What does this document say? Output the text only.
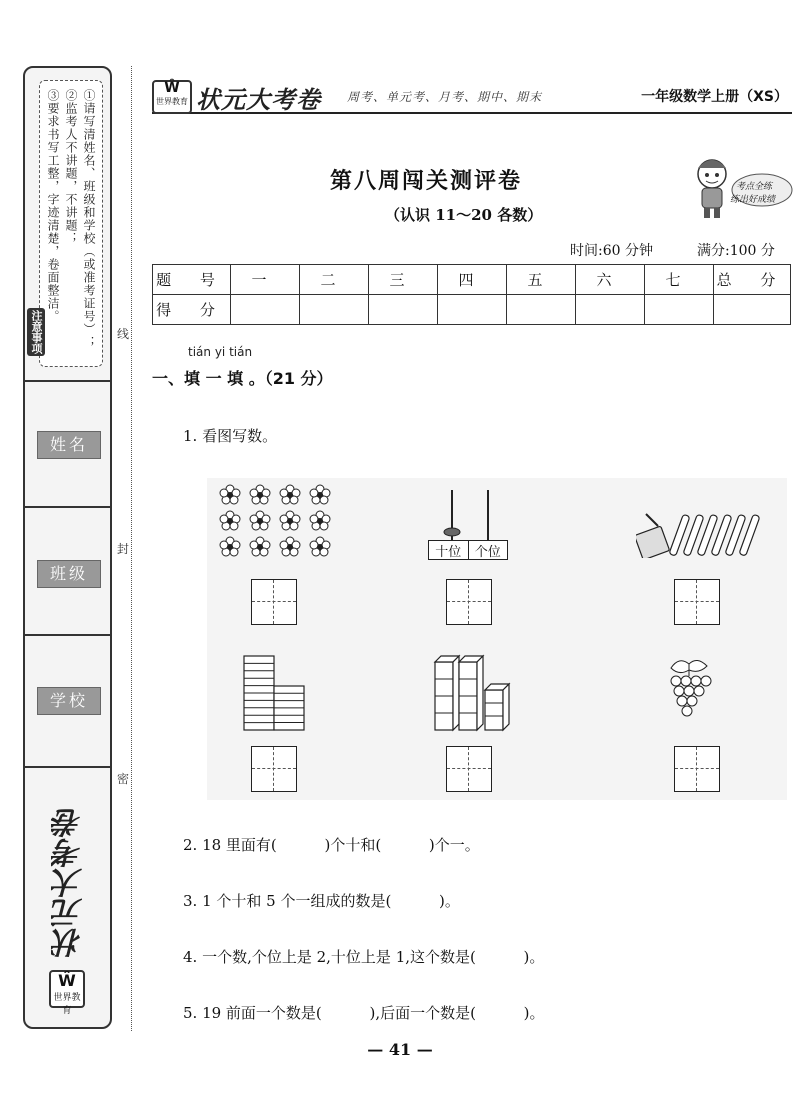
①请写清姓名、班级和学校（或准考证号）；
②监考人不讲题，不讲题；
③要求书写工整，字迹清楚，卷面整洁。
注意事项
姓名
班级
学校
状元大考卷
Ŵ
世界教育
线
封
密
Ŵ
世界教育 状元大考卷 周考、单元考、月考、期中、期末	一年级数学上册（XS）
第八周闯关测评卷
（认识 11～20 各数）
考点全练
练出好成绩
时间:60 分钟	满分:100 分
题 号	一	二	三	四	五	六	七	总 分
得 分								
tián yi tián
一、填 一 填 。（21 分）
1. 看图写数。
十位	个位
2. 18 里面有(          )个十和(          )个一。
3. 1 个十和 5 个一组成的数是(          )。
4. 一个数,个位上是 2,十位上是 1,这个数是(          )。
5. 19 前面一个数是(          ),后面一个数是(          )。
— 41 —
